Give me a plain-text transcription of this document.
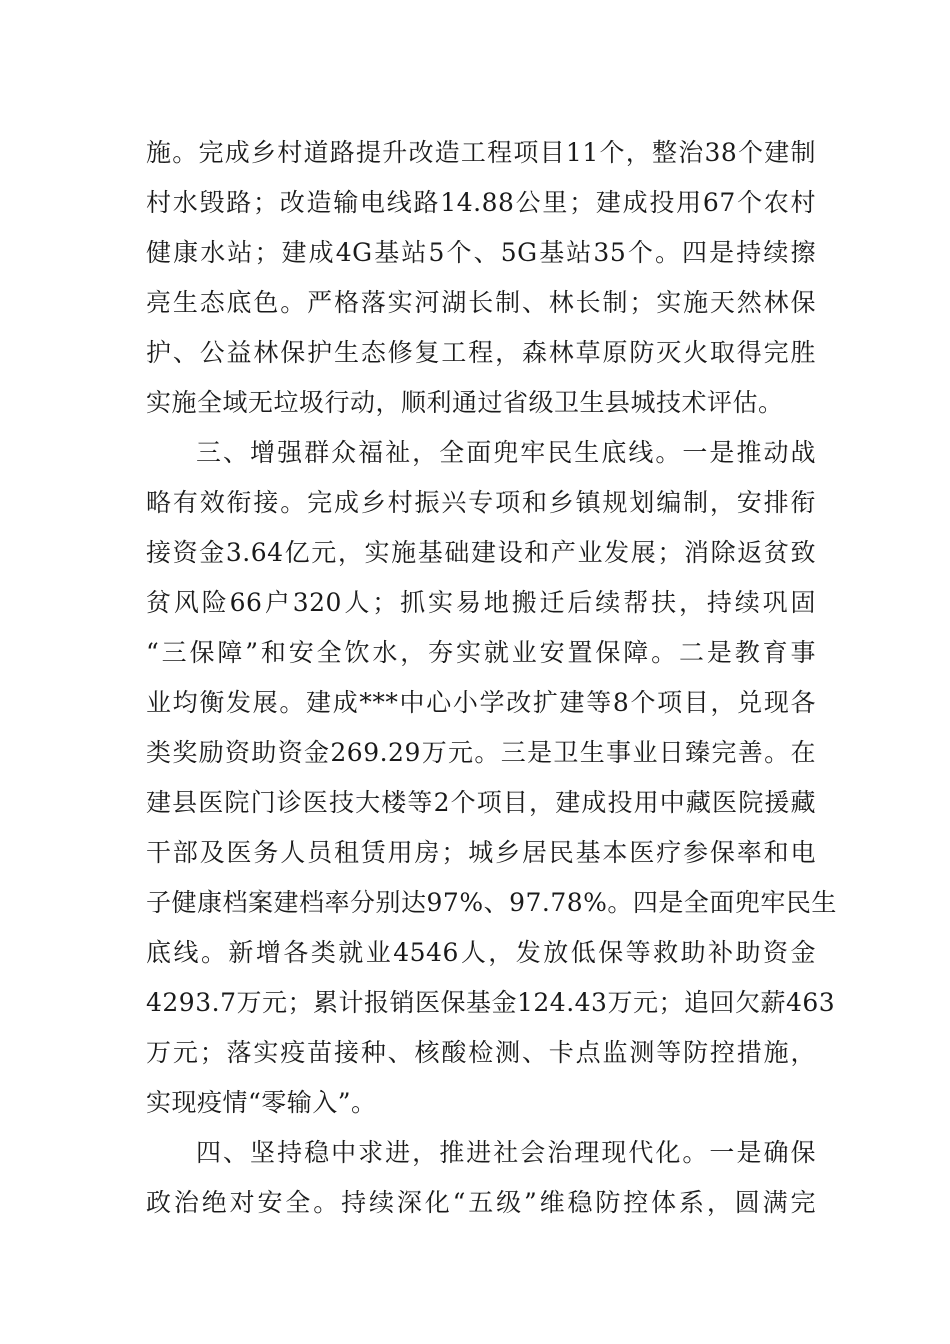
施。完成乡村道路提升改造工程项目11个，整治38个建制
村水毁路；改造输电线路14.88公里；建成投用67个农村
健康水站；建成4G基站5个、5G基站35个。四是持续擦
亮生态底色。严格落实河湖长制、林长制；实施天然林保
护、公益林保护生态修复工程，森林草原防灭火取得完胜
实施全域无垃圾行动，顺利通过省级卫生县城技术评估。
三、增强群众福祉，全面兜牢民生底线。一是推动战
略有效衔接。完成乡村振兴专项和乡镇规划编制，安排衔
接资金3.64亿元，实施基础建设和产业发展；消除返贫致
贫风险66户320人；抓实易地搬迁后续帮扶，持续巩固
“三保障”和安全饮水，夯实就业安置保障。二是教育事
业均衡发展。建成***中心小学改扩建等8个项目，兑现各
类奖励资助资金269.29万元。三是卫生事业日臻完善。在
建县医院门诊医技大楼等2个项目，建成投用中藏医院援藏
干部及医务人员租赁用房；城乡居民基本医疗参保率和电
子健康档案建档率分别达97%、97.78%。四是全面兜牢民生
底线。新增各类就业4546人，发放低保等救助补助资金
4293.7万元；累计报销医保基金124.43万元；追回欠薪463
万元；落实疫苗接种、核酸检测、卡点监测等防控措施，
实现疫情“零输入”。
四、坚持稳中求进，推进社会治理现代化。一是确保
政治绝对安全。持续深化“五级”维稳防控体系，圆满完
